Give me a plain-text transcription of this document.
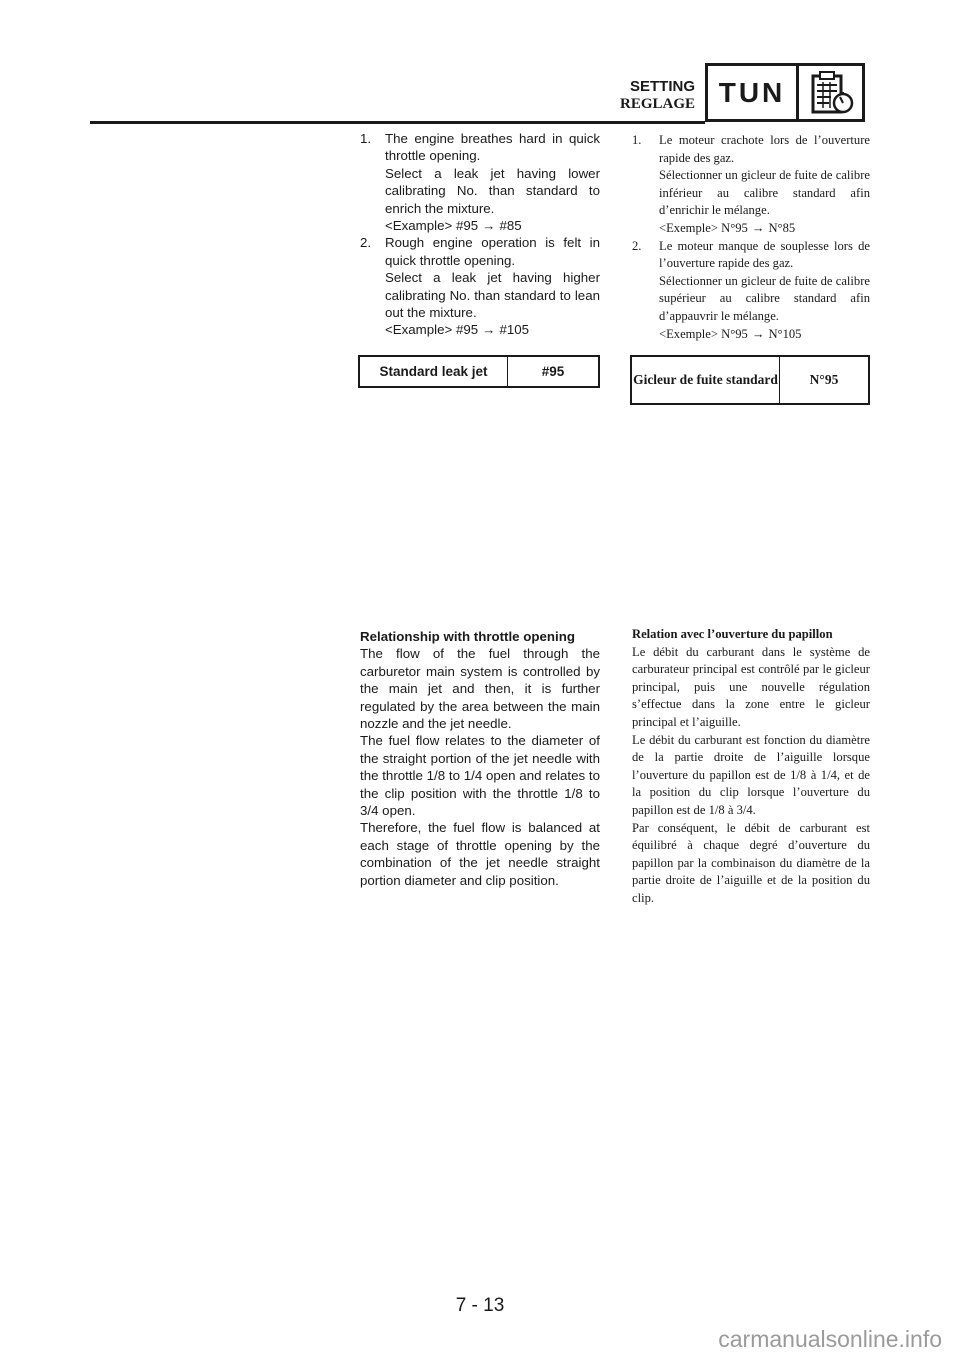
SETTING
REGLAGE TUN
1.	The engine breathes hard in quick throttle opening.
Select a leak jet having lower calibrating No. than standard to enrich the mixture.
<Example> #95 → #85
2.	Rough engine operation is felt in quick throttle opening.
Select a leak jet having higher calibrating No. than standard to lean out the mixture.
<Example> #95 → #105
1.	Le moteur crachote lors de l’ouverture rapide des gaz.
Sélectionner un gicleur de fuite de calibre inférieur au calibre standard afin d’enrichir le mélange.
<Exemple> N°95 → N°85
2.	Le moteur manque de souplesse lors de l’ouverture rapide des gaz.
Sélectionner un gicleur de fuite de calibre supérieur au calibre standard afin d’appauvrir le mélange.
<Exemple> N°95 → N°105
Standard leak jet	#95
Gicleur de fuite standard	N°95
Relationship with throttle opening

The flow of the fuel through the carburetor main system is controlled by the main jet and then, it is further regulated by the area between the main nozzle and the jet needle.

The fuel flow relates to the diameter of the straight portion of the jet needle with the throttle 1/8 to 1/4 open and relates to the clip position with the throttle 1/8 to 3/4 open.

Therefore, the fuel flow is balanced at each stage of throttle opening by the combination of the jet needle straight portion diameter and clip position.

Relation avec l’ouverture du papillon

Le débit du carburant dans le système de carburateur principal est contrôlé par le gicleur principal, puis une nouvelle régulation s’effectue dans la zone entre le gicleur principal et l’aiguille.

Le débit du carburant est fonction du diamètre de la partie droite de l’aiguille lorsque l’ouverture du papillon est de 1/8 à 1/4, et de la position du clip lorsque l’ouverture du papillon est de 1/8 à 3/4.

Par conséquent, le débit de carburant est équilibré à chaque degré d’ouverture du papillon par la combinaison du diamètre de la partie droite de l’aiguille et de la position du clip.

7 - 13
carmanualsonline.info
